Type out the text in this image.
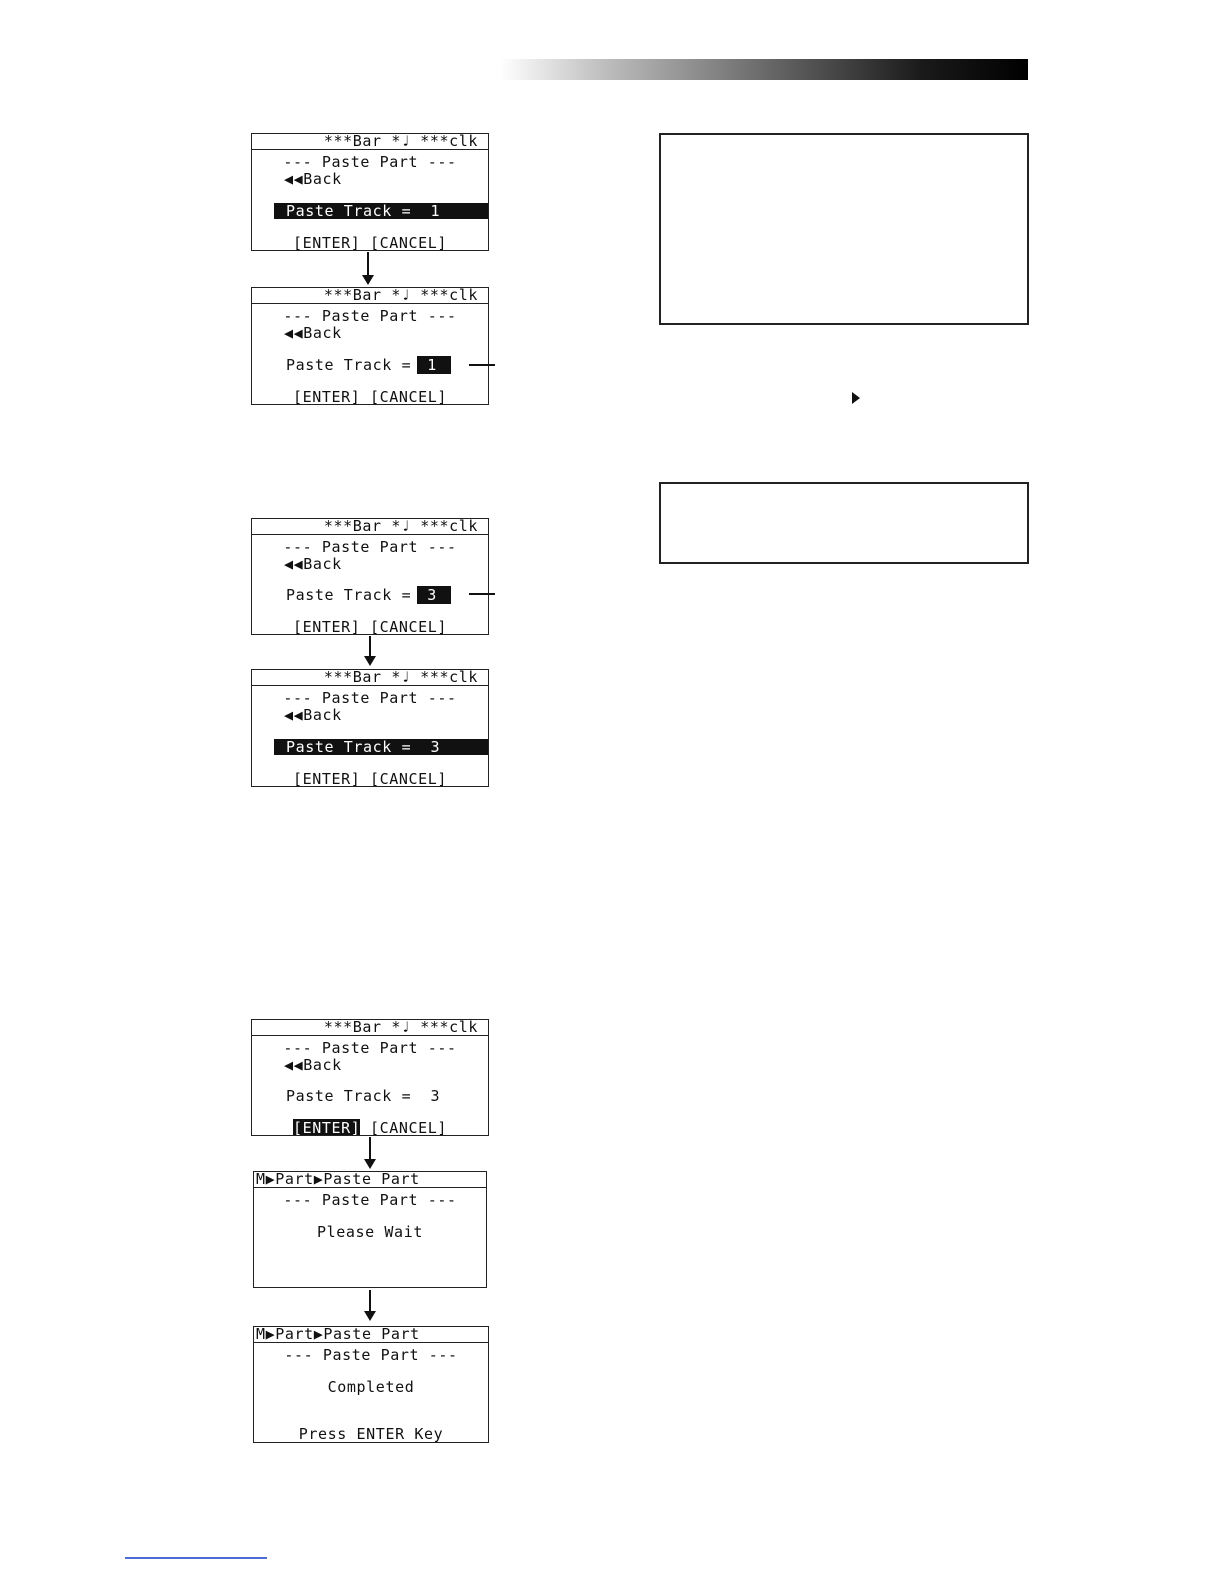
***Bar *♩ ***clk
--- Paste Part ---
◀◀Back
Paste Track = 1
[ENTER] [CANCEL]
***Bar *♩ ***clk
--- Paste Part ---
◀◀Back
Paste Track = 1
[ENTER] [CANCEL]
***Bar *♩ ***clk
--- Paste Part ---
◀◀Back
Paste Track = 3
[ENTER] [CANCEL]
***Bar *♩ ***clk
--- Paste Part ---
◀◀Back
Paste Track = 3
[ENTER] [CANCEL]
***Bar *♩ ***clk
--- Paste Part ---
◀◀Back
Paste Track = 3
[ENTER] [CANCEL]
M▶Part▶Paste Part
--- Paste Part ---
Please Wait
M▶Part▶Paste Part
--- Paste Part ---
Completed
Press ENTER Key
